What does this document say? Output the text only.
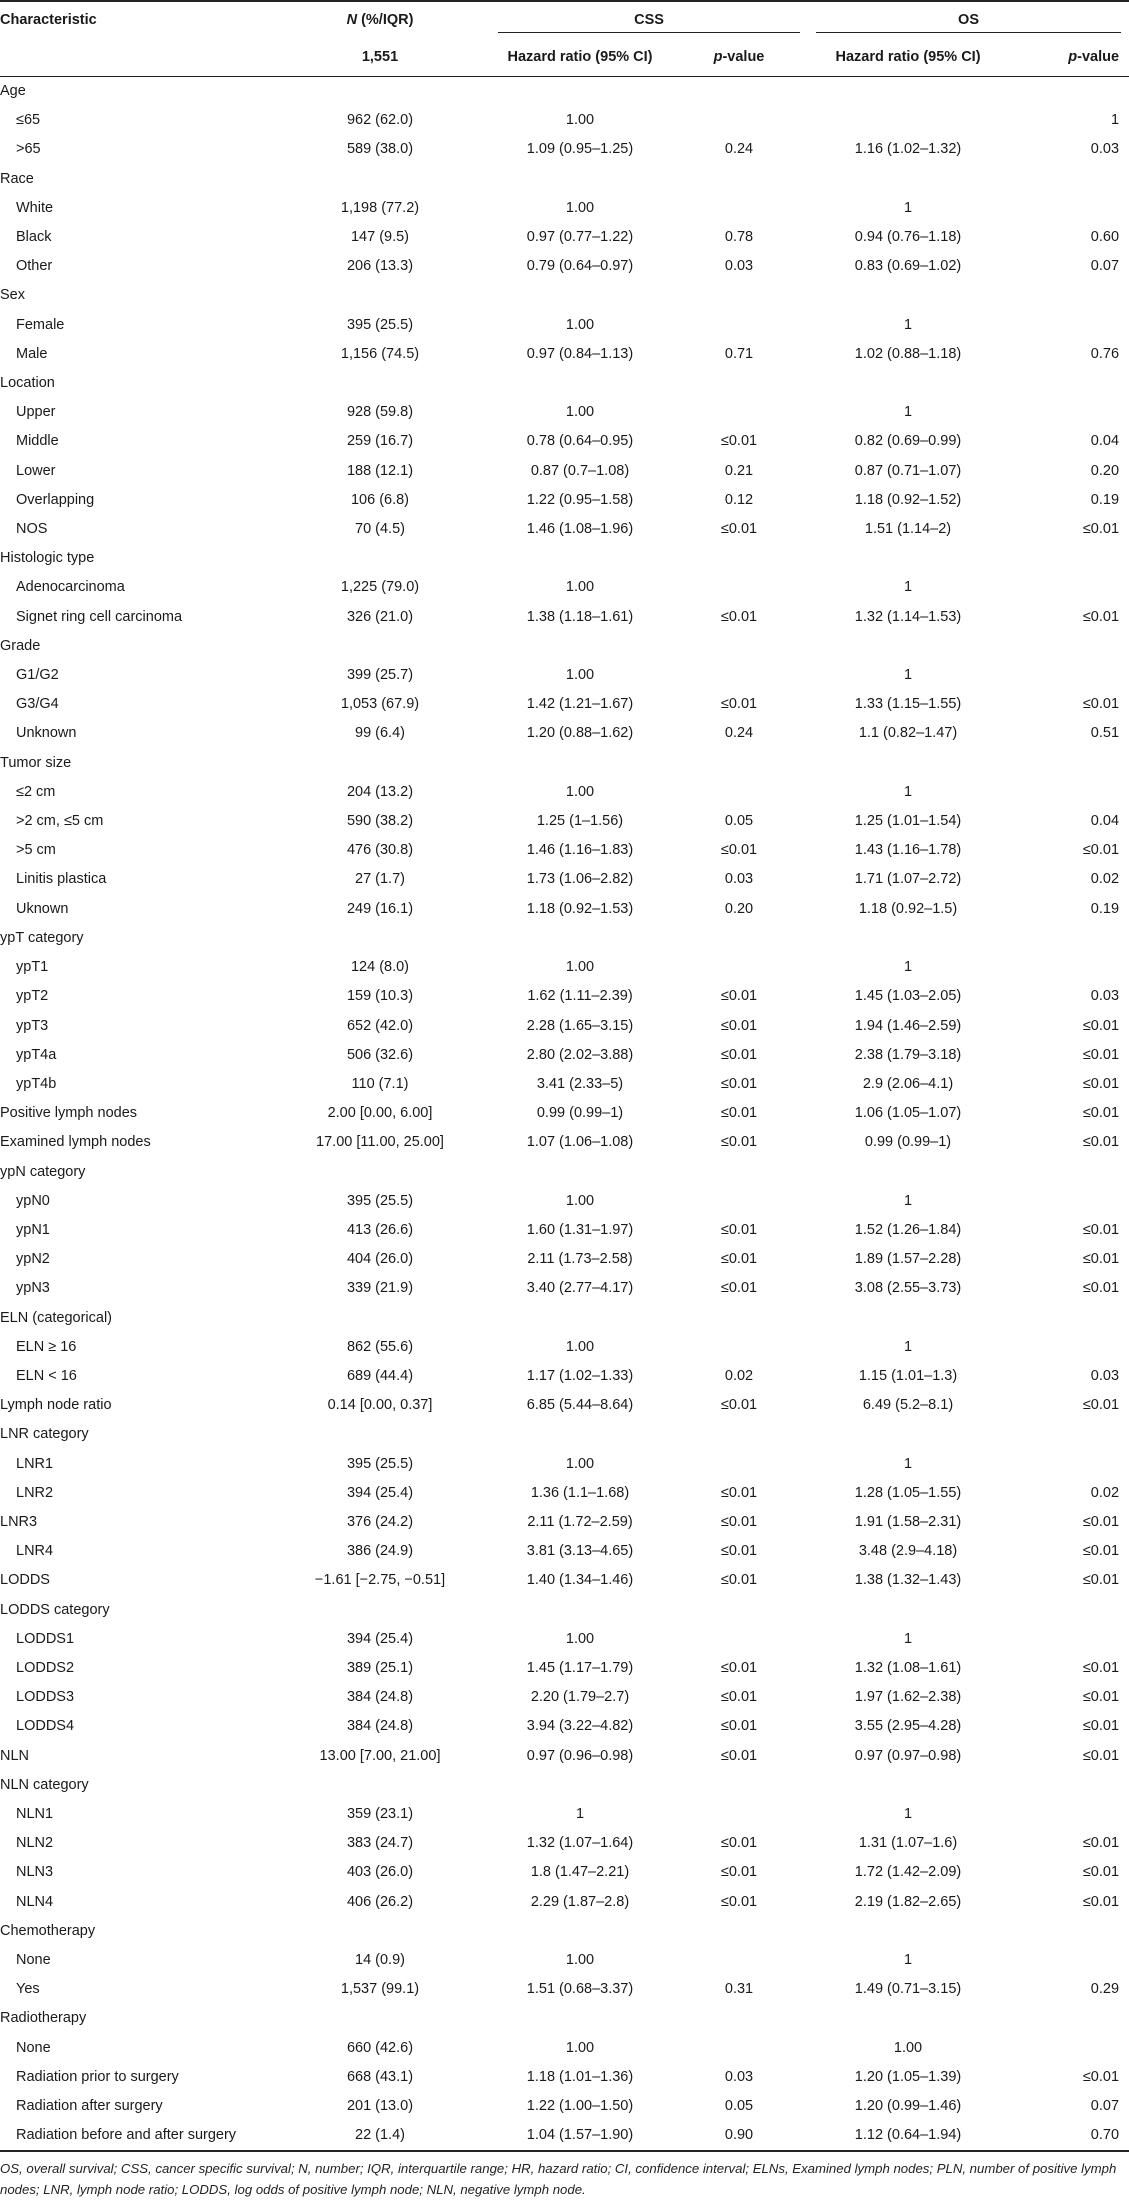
Characteristic	N (%/IQR)	CSS		OS	

	1,551	Hazard ratio (95% CI)	p-value	Hazard ratio (95% CI)	p-value
Age					
≤65	962 (62.0)	1.00			1
>65	589 (38.0)	1.09 (0.95–1.25)	0.24	1.16 (1.02–1.32)	0.03
Race					
White	1,198 (77.2)	1.00		1	
Black	147 (9.5)	0.97 (0.77–1.22)	0.78	0.94 (0.76–1.18)	0.60
Other	206 (13.3)	0.79 (0.64–0.97)	0.03	0.83 (0.69–1.02)	0.07
Sex					
Female	395 (25.5)	1.00		1	
Male	1,156 (74.5)	0.97 (0.84–1.13)	0.71	1.02 (0.88–1.18)	0.76
Location					
Upper	928 (59.8)	1.00		1	
Middle	259 (16.7)	0.78 (0.64–0.95)	≤0.01	0.82 (0.69–0.99)	0.04
Lower	188 (12.1)	0.87 (0.7–1.08)	0.21	0.87 (0.71–1.07)	0.20
Overlapping	106 (6.8)	1.22 (0.95–1.58)	0.12	1.18 (0.92–1.52)	0.19
NOS	70 (4.5)	1.46 (1.08–1.96)	≤0.01	1.51 (1.14–2)	≤0.01
Histologic type					
Adenocarcinoma	1,225 (79.0)	1.00		1	
Signet ring cell carcinoma	326 (21.0)	1.38 (1.18–1.61)	≤0.01	1.32 (1.14–1.53)	≤0.01
Grade					
G1/G2	399 (25.7)	1.00		1	
G3/G4	1,053 (67.9)	1.42 (1.21–1.67)	≤0.01	1.33 (1.15–1.55)	≤0.01
Unknown	99 (6.4)	1.20 (0.88–1.62)	0.24	1.1 (0.82–1.47)	0.51
Tumor size					
≤2 cm	204 (13.2)	1.00		1	
>2 cm, ≤5 cm	590 (38.2)	1.25 (1–1.56)	0.05	1.25 (1.01–1.54)	0.04
>5 cm	476 (30.8)	1.46 (1.16–1.83)	≤0.01	1.43 (1.16–1.78)	≤0.01
Linitis plastica	27 (1.7)	1.73 (1.06–2.82)	0.03	1.71 (1.07–2.72)	0.02
Uknown	249 (16.1)	1.18 (0.92–1.53)	0.20	1.18 (0.92–1.5)	0.19
ypT category					
ypT1	124 (8.0)	1.00		1	
ypT2	159 (10.3)	1.62 (1.11–2.39)	≤0.01	1.45 (1.03–2.05)	0.03
ypT3	652 (42.0)	2.28 (1.65–3.15)	≤0.01	1.94 (1.46–2.59)	≤0.01
ypT4a	506 (32.6)	2.80 (2.02–3.88)	≤0.01	2.38 (1.79–3.18)	≤0.01
ypT4b	110 (7.1)	3.41 (2.33–5)	≤0.01	2.9 (2.06–4.1)	≤0.01
Positive lymph nodes	2.00 [0.00, 6.00]	0.99 (0.99–1)	≤0.01	1.06 (1.05–1.07)	≤0.01
Examined lymph nodes	17.00 [11.00, 25.00]	1.07 (1.06–1.08)	≤0.01	0.99 (0.99–1)	≤0.01
ypN category					
ypN0	395 (25.5)	1.00		1	
ypN1	413 (26.6)	1.60 (1.31–1.97)	≤0.01	1.52 (1.26–1.84)	≤0.01
ypN2	404 (26.0)	2.11 (1.73–2.58)	≤0.01	1.89 (1.57–2.28)	≤0.01
ypN3	339 (21.9)	3.40 (2.77–4.17)	≤0.01	3.08 (2.55–3.73)	≤0.01
ELN (categorical)					
ELN ≥ 16	862 (55.6)	1.00		1	
ELN < 16	689 (44.4)	1.17 (1.02–1.33)	0.02	1.15 (1.01–1.3)	0.03
Lymph node ratio	0.14 [0.00, 0.37]	6.85 (5.44–8.64)	≤0.01	6.49 (5.2–8.1)	≤0.01
LNR category					
LNR1	395 (25.5)	1.00		1	
LNR2	394 (25.4)	1.36 (1.1–1.68)	≤0.01	1.28 (1.05–1.55)	0.02
LNR3	376 (24.2)	2.11 (1.72–2.59)	≤0.01	1.91 (1.58–2.31)	≤0.01
LNR4	386 (24.9)	3.81 (3.13–4.65)	≤0.01	3.48 (2.9–4.18)	≤0.01
LODDS	−1.61 [−2.75, −0.51]	1.40 (1.34–1.46)	≤0.01	1.38 (1.32–1.43)	≤0.01
LODDS category					
LODDS1	394 (25.4)	1.00		1	
LODDS2	389 (25.1)	1.45 (1.17–1.79)	≤0.01	1.32 (1.08–1.61)	≤0.01
LODDS3	384 (24.8)	2.20 (1.79–2.7)	≤0.01	1.97 (1.62–2.38)	≤0.01
LODDS4	384 (24.8)	3.94 (3.22–4.82)	≤0.01	3.55 (2.95–4.28)	≤0.01
NLN	13.00 [7.00, 21.00]	0.97 (0.96–0.98)	≤0.01	0.97 (0.97–0.98)	≤0.01
NLN category					
NLN1	359 (23.1)	1		1	
NLN2	383 (24.7)	1.32 (1.07–1.64)	≤0.01	1.31 (1.07–1.6)	≤0.01
NLN3	403 (26.0)	1.8 (1.47–2.21)	≤0.01	1.72 (1.42–2.09)	≤0.01
NLN4	406 (26.2)	2.29 (1.87–2.8)	≤0.01	2.19 (1.82–2.65)	≤0.01
Chemotherapy					
None	14 (0.9)	1.00		1	
Yes	1,537 (99.1)	1.51 (0.68–3.37)	0.31	1.49 (0.71–3.15)	0.29
Radiotherapy					
None	660 (42.6)	1.00		1.00	
Radiation prior to surgery	668 (43.1)	1.18 (1.01–1.36)	0.03	1.20 (1.05–1.39)	≤0.01
Radiation after surgery	201 (13.0)	1.22 (1.00–1.50)	0.05	1.20 (0.99–1.46)	0.07
Radiation before and after surgery	22 (1.4)	1.04 (1.57–1.90)	0.90	1.12 (0.64–1.94)	0.70
OS, overall survival; CSS, cancer specific survival; N, number; IQR, interquartile range; HR, hazard ratio; CI, confidence interval; ELNs, Examined lymph nodes; PLN, number of positive lymph nodes; LNR, lymph node ratio; LODDS, log odds of positive lymph node; NLN, negative lymph node.
